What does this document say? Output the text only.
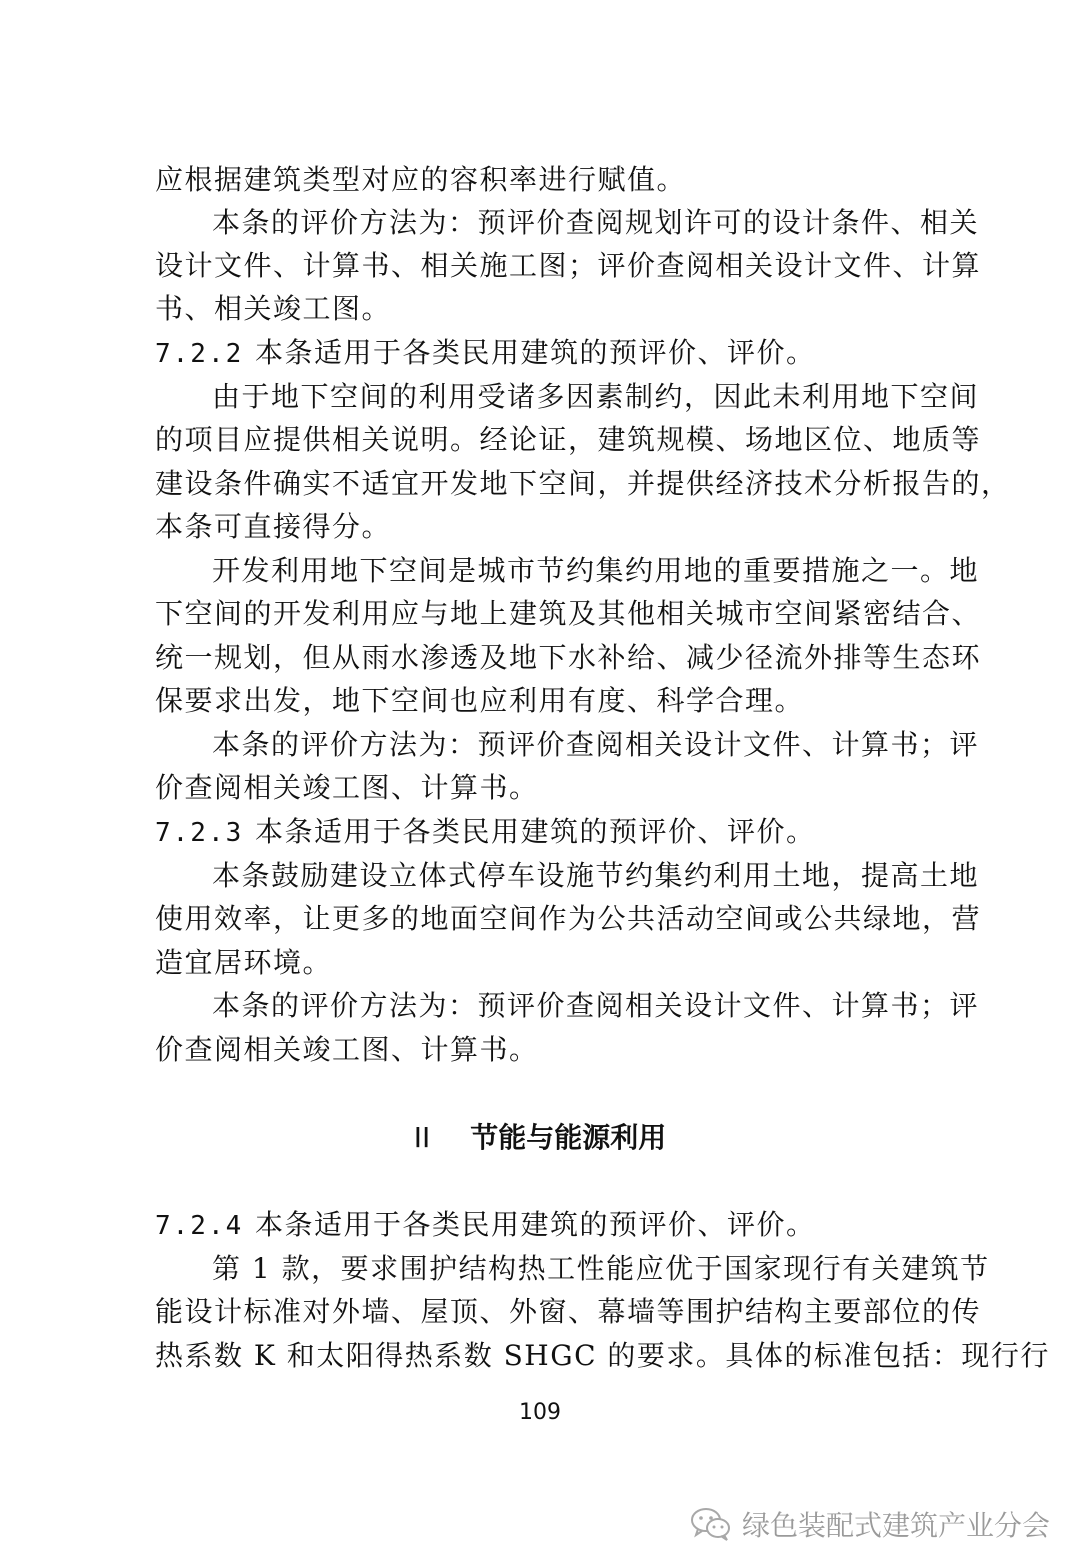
应根据建筑类型对应的容积率进行赋值。
本条的评价方法为：预评价查阅规划许可的设计条件、相关
设计文件、计算书、相关施工图；评价查阅相关设计文件、计算
书、相关竣工图。
7.2.2 本条适用于各类民用建筑的预评价、评价。
由于地下空间的利用受诸多因素制约，因此未利用地下空间
的项目应提供相关说明。经论证，建筑规模、场地区位、地质等
建设条件确实不适宜开发地下空间，并提供经济技术分析报告的，
本条可直接得分。
开发利用地下空间是城市节约集约用地的重要措施之一。地
下空间的开发利用应与地上建筑及其他相关城市空间紧密结合、
统一规划，但从雨水渗透及地下水补给、减少径流外排等生态环
保要求出发，地下空间也应利用有度、科学合理。
本条的评价方法为：预评价查阅相关设计文件、计算书；评
价查阅相关竣工图、计算书。
7.2.3 本条适用于各类民用建筑的预评价、评价。
本条鼓励建设立体式停车设施节约集约利用土地，提高土地
使用效率，让更多的地面空间作为公共活动空间或公共绿地，营
造宜居环境。
本条的评价方法为：预评价查阅相关设计文件、计算书；评
价查阅相关竣工图、计算书。
II 节能与能源利用
7.2.4 本条适用于各类民用建筑的预评价、评价。
第 1 款，要求围护结构热工性能应优于国家现行有关建筑节
能设计标准对外墙、屋顶、外窗、幕墙等围护结构主要部位的传
热系数 K 和太阳得热系数 SHGC 的要求。具体的标准包括：现行行
109
绿色装配式建筑产业分会
